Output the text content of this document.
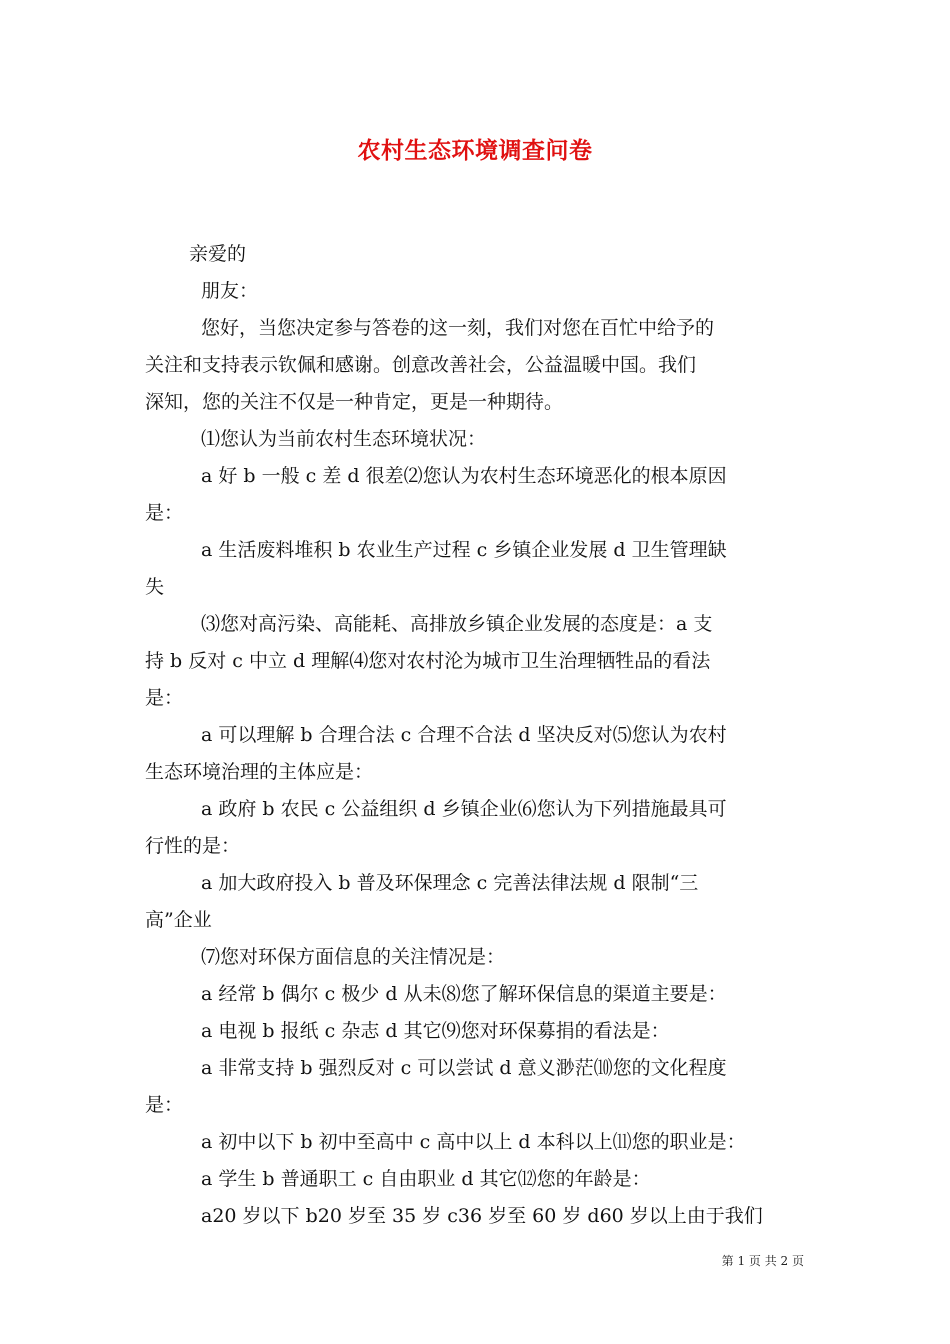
农村生态环境调查问卷
亲爱的
朋友：
您好，当您决定参与答卷的这一刻，我们对您在百忙中给予的
关注和支持表示钦佩和感谢。创意改善社会，公益温暖中国。我们
深知，您的关注不仅是一种肯定，更是一种期待。
⑴您认为当前农村生态环境状况：
a 好 b 一般 c 差 d 很差⑵您认为农村生态环境恶化的根本原因
是：
a 生活废料堆积 b 农业生产过程 c 乡镇企业发展 d 卫生管理缺
失
⑶您对高污染、高能耗、高排放乡镇企业发展的态度是：a 支
持 b 反对 c 中立 d 理解⑷您对农村沦为城市卫生治理牺牲品的看法
是：
a 可以理解 b 合理合法 c 合理不合法 d 坚决反对⑸您认为农村
生态环境治理的主体应是：
a 政府 b 农民 c 公益组织 d 乡镇企业⑹您认为下列措施最具可
行性的是：
a 加大政府投入 b 普及环保理念 c 完善法律法规 d 限制“三
高”企业
⑺您对环保方面信息的关注情况是：
a 经常 b 偶尔 c 极少 d 从未⑻您了解环保信息的渠道主要是：
a 电视 b 报纸 c 杂志 d 其它⑼您对环保募捐的看法是：
a 非常支持 b 强烈反对 c 可以尝试 d 意义渺茫⑽您的文化程度
是：
a 初中以下 b 初中至高中 c 高中以上 d 本科以上⑾您的职业是：
a 学生 b 普通职工 c 自由职业 d 其它⑿您的年龄是：
a20 岁以下 b20 岁至 35 岁 c36 岁至 60 岁 d60 岁以上由于我们
第 1 页 共 2 页
